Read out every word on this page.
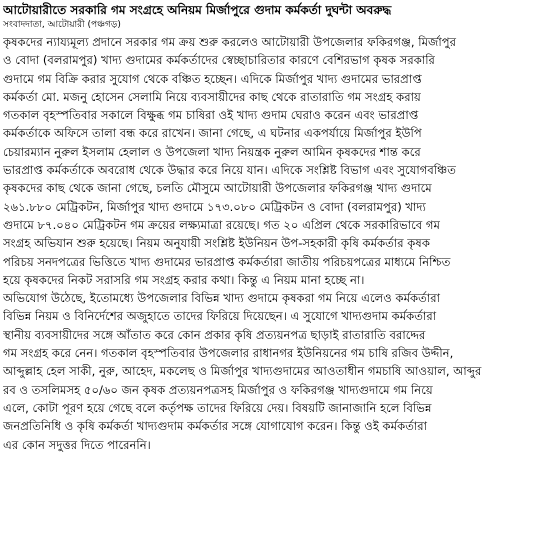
আটোয়ারীতে সরকারি গম সংগ্রহে অনিয়ম মির্জাপুরে গুদাম কর্মকর্তা দুঘন্টা অবরুদ্ধ
সংবাদদাতা, আটোয়ারী (পঞ্চগড়)
কৃষকদের ন্যায্যমূল্য প্রদানে সরকার গম ক্রয় শুরু করলেও আটোয়ারী উপজেলার ফকিরগঞ্জ, মির্জাপুর
ও বোদা (বলরামপুর) খাদ্য গুদামের কর্মকর্তাদের স্বেচ্ছাচারিতার কারণে বেশিরভাগ কৃষক সরকারি
গুদামে গম বিক্রি করার সুযোগ থেকে বঞ্চিত হচ্ছেন। এদিকে মির্জাপুর খাদ্য গুদামের ভারপ্রাপ্ত
কর্মকর্তা মো. মজনু হোসেন সেলামি নিয়ে ব্যবসায়ীদের কাছ থেকে রাতারাতি গম সংগ্রহ করায়
গতকাল বৃহস্পতিবার সকালে বিক্ষুব্ধ গম চাষিরা ওই খাদ্য গুদাম ঘেরাও করেন এবং ভারপ্রাপ্ত
কর্মকর্তাকে অফিসে তালা বন্ধ করে রাখেন। জানা গেছে, এ ঘটনার একপর্যায়ে মির্জাপুর ইউপি
চেয়ারম্যান নুরুল ইসলাম হেলাল ও উপজেলা খাদ্য নিয়ন্ত্রক নুরুল আমিন কৃষকদের শান্ত করে
ভারপ্রাপ্ত কর্মকর্তাকে অবরোধ থেকে উদ্ধার করে নিয়ে যান। এদিকে সংশ্লিষ্ট বিভাগ এবং সুযোগবঞ্চিত
কৃষকদের কাছ থেকে জানা গেছে, চলতি মৌসুমে আটোয়ারী উপজেলার ফকিরগঞ্জ খাদ্য গুদামে
২৬১.৮৮০ মেট্রিকটন, মির্জাপুর খাদ্য গুদামে ১৭৩.০৮০ মেট্রিকটন ও বোদা (বলরামপুর) খাদ্য
গুদামে ৮৭.০৪০ মেট্রিকটন গম ক্রয়ের লক্ষ্যমাত্রা রয়েছে। গত ২০ এপ্রিল থেকে সরকারিভাবে গম
সংগ্রহ অভিযান শুরু হয়েছে। নিয়ম অনুযায়ী সংশ্লিষ্ট ইউনিয়ন উপ-সহকারী কৃষি কর্মকর্তার কৃষক
পরিচয় সনদপত্রের ভিত্তিতে খাদ্য গুদামের ভারপ্রাপ্ত কর্মকর্তারা জাতীয় পরিচয়পত্রের মাধ্যমে নিশ্চিত
হয়ে কৃষকদের নিকট সরাসরি গম সংগ্রহ করার কথা। কিন্তু এ নিয়ম মানা হচ্ছে না।
অভিযোগ উঠেছে, ইতোমধ্যে উপজেলার বিভিন্ন খাদ্য গুদামে কৃষকরা গম নিয়ে এলেও কর্মকর্তারা
বিভিন্ন নিয়ম ও বিনির্দেশের অজুহাতে তাদের ফিরিয়ে দিয়েছেন। এ সুযোগে খাদ্যগুদাম কর্মকর্তারা
স্থানীয় ব্যবসায়ীদের সঙ্গে আঁতাত করে কোন প্রকার কৃষি প্রত্যয়নপত্র ছাড়াই রাতারাতি বরাদ্দের
গম সংগ্রহ করে নেন। গতকাল বৃহস্পতিবার উপজেলার রাধানগর ইউনিয়নের গম চাষি রজিব উদ্দীন,
আব্দুল্লাহ হেল সাকী, নুরু, আহেদ, মকলেছ ও মির্জাপুর খাদ্যগুদামের আওতাধীন গমচাষি আওয়াল, আব্দুর
রব ও তসলিমসহ ৫০/৬০ জন কৃষক প্রত্যয়নপত্রসহ মির্জাপুর ও ফকিরগঞ্জ খাদ্যগুদামে গম নিয়ে
এলে, কোটা পূরণ হয়ে গেছে বলে কর্তৃপক্ষ তাদের ফিরিয়ে দেয়। বিষয়টি জানাজানি হলে বিভিন্ন
জনপ্রতিনিধি ও কৃষি কর্মকর্তা খাদ্যগুদাম কর্মকর্তার সঙ্গে যোগাযোগ করেন। কিন্তু ওই কর্মকর্তারা
এর কোন সদুত্তর দিতে পারেননি।
